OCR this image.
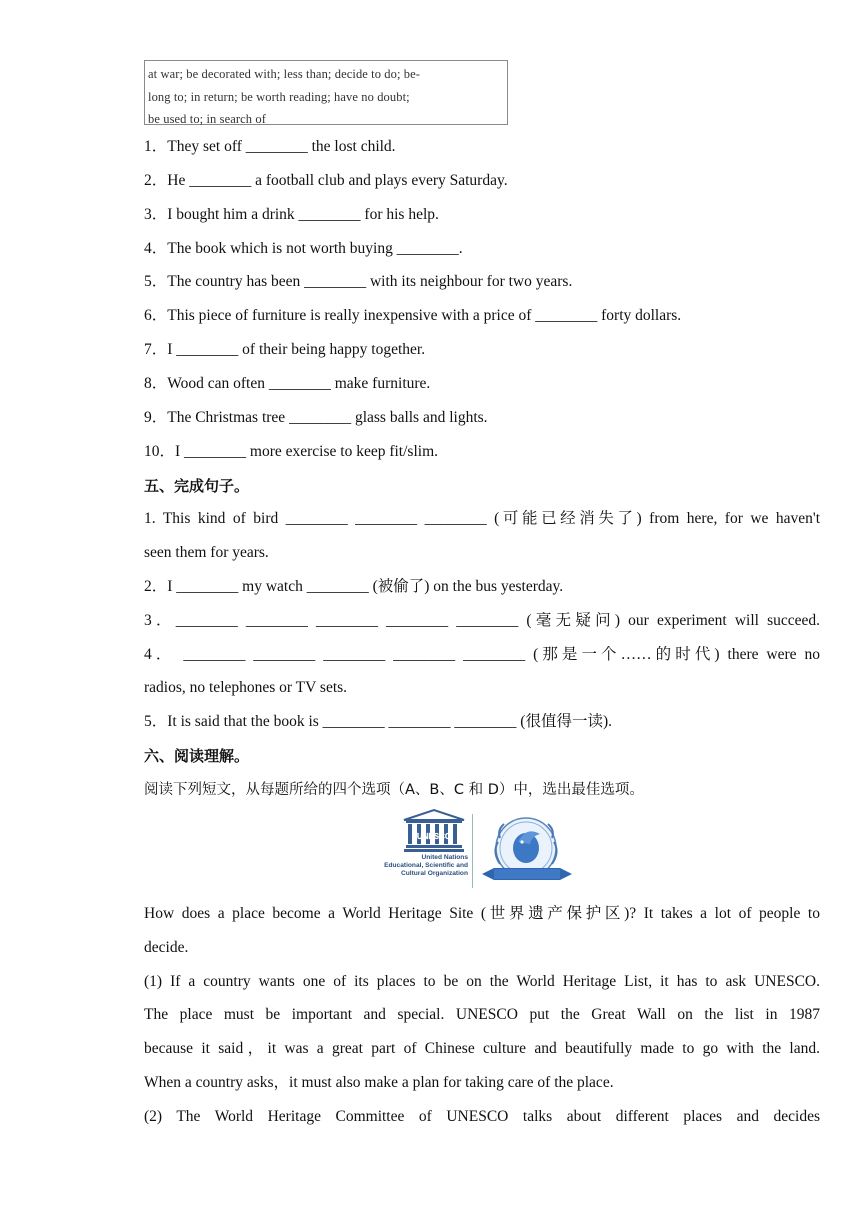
at war; be decorated with; less than; decide to do; be-
long to; in return; be worth reading; have no doubt;
be used to; in search of
1．They set off ________ the lost child.
2．He ________ a football club and plays every Saturday.
3．I bought him a drink ________ for his help.
4．The book which is not worth buying ________.
5．The country has been ________ with its neighbour for two years.
6．This piece of furniture is really inexpensive with a price of ________ forty dollars.
7．I ________ of their being happy together.
8．Wood can often ________ make furniture.
9．The Christmas tree ________ glass balls and lights.
10．I ________ more exercise to keep fit/slim.
五、完成句子。
1. This kind of bird ________ ________ ________ (可能已经消失了) from here, for we haven't
seen them for years.
2．I ________ my watch ________ (被偷了) on the bus yesterday.
3．________ ________ ________ ________ ________ (毫无疑问) our experiment will succeed.
4． ________ ________ ________ ________ ________ (那是一个……的时代) there were no
radios, no telephones or TV sets.
5．It is said that the book is ________ ________ ________ (很值得一读).
六、阅读理解。
阅读下列短文，从每题所给的四个选项（A、B、C 和 D）中，选出最佳选项。
UNESCO
United Nations
Educational, Scientific and
Cultural Organization
How does a place become a World Heritage Site (世界遗产保护区)? It takes a lot of people to
decide.
(1) If a country wants one of its places to be on the World Heritage List, it has to ask UNESCO.
The place must be important and special. UNESCO put the Great Wall on the list in 1987
because it said，it was a great part of Chinese culture and beautifully made to go with the land.
When a country asks，it must also make a plan for taking care of the place.
(2) The World Heritage Committee of UNESCO talks about different places and decides
